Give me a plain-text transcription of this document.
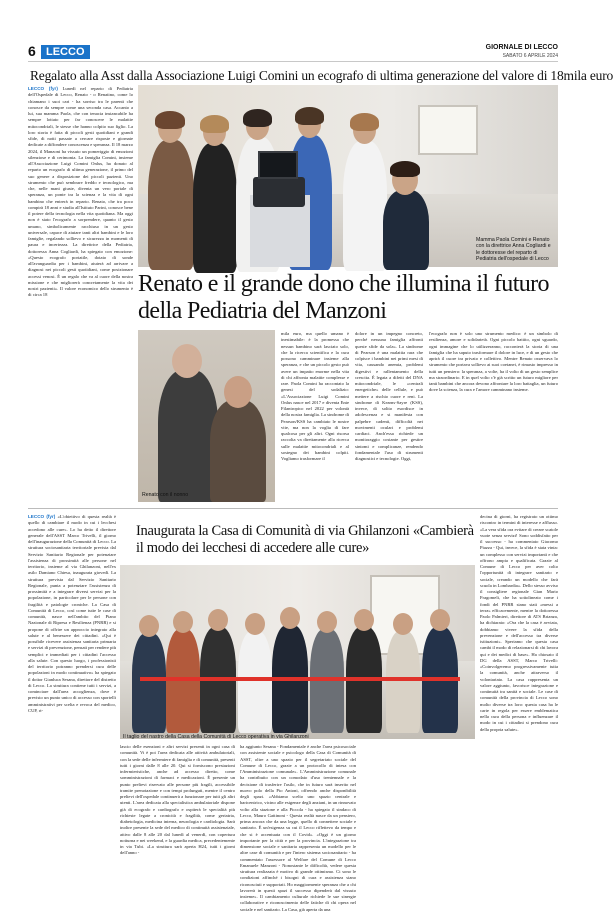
6 LECCO	GIORNALE DI LECCO
SABATO 6 APRILE 2024
Regalato alla Asst dalla Associazione Luigi Comini un ecografo di ultima generazione del valore di 18mila euro
LECCO (fyr) Lunedì nel reparto di Pediatria dell'Ospedale di Lecco, Renato - o Renatino, come lo chiamano i suoi cari - ha sorriso tra le parenti che conosce da sempre come una seconda casa. Accanto a lui, sua mamma Paola, che con tenacia instancabile ha sempre lottato per far conoscere le malattie mitocondriali, le stesse che hanno colpito suo figlio. La loro storia è fatta di piccoli gesti quotidiani e grandi sfide, di notti passate a cercare risposte e giornate dedicate a diffondere conoscenza e speranza. Il 18 marzo 2024, il Manzoni ha vissuto un pomeriggio di emozioni silenziose e di cerimonia. La famiglia Comini, insieme all'Associazione Luigi Comini Onlus, ha donato al reparto un ecografo di ultima generazione, il primo del suo genere a disposizione dei piccoli pazienti. Uno strumento che può sembrare freddo e tecnologico, ma che, nelle mani giuste, diventa un vero portale di speranza, un ponte tra la scienza e la vita di ogni bambino che entrerà in reparto. Renato, che tra poco compirà 18 anni e studia all'Istituto Parini, conosce bene il potere della tecnologia nella vita quotidiana. Ma oggi non è stato l'ecografo a sorprendere, quanto il gesto umano, simbolicamente racchiuso in un gesto universale, capace di aiutare tanti altri bambini e le loro famiglie, regalando sollievo e sicurezza in momenti di paura e incertezza. La direttrice della Pediatria, dottoressa Anna Cogliardi, ha spiegato con emozione: «Questo ecografo portatile, dotato di sonde all'avanguardia per i bambini, aiuterà ad arrivare a diagnosi nei piccoli gesti quotidiani, come posizionare accessi venosi. È un regalo che va al cuore della nostra missione e che migliorerà concretamente la vita dei nostri pazienti». Il valore economico dello strumento è di circa 18
Mamma Paola Comini e Renato con la direttrice Anna Cogliardi e le dottoresse del reparto di Pediatria dell'ospedale di Lecco
Renato e il grande dono che illumina il futuro della Pediatria del Manzoni
Renato con il nonno
mila euro, ma quello umano è inestimabile: è la promessa che nessun bambino sarà lasciato solo, che la ricerca scientifica e la cura possono camminare insieme alla speranza, e che un piccolo gesto può avere un impatto enorme nella vita di chi affronta malattie complesse e rare. Paola Comini ha raccontato la genesi del sodalizio: «L'Associazione Luigi Comini Onlus nasce nel 2017 e diventa Ente Filantropico nel 2022 per volontà della nostra famiglia. La sindrome di Pearson/KSS ha cambiato le nostre vite, ma non la voglia di fare qualcosa per gli altri. Ogni risorsa raccolta va direttamente alla ricerca sulle malattie mitocondriali e al sostegno dei bambini colpiti. Vogliamo trasformare il
dolore in un impegno concreto, perché nessuna famiglia affronti queste sfide da sola». La sindrome di Pearson è una malattia rara che colpisce i bambini nei primi mesi di vita, causando anemia, problemi digestivi e rallentamento della crescita. È legata a difetti del DNA mitocondriale, le «centrali energetiche» delle cellule, e può mettere a rischio cuore e reni. La sindrome di Kearns-Sayre (KSS), invece, di solito esordisce in adolescenza e si manifesta con palpebre cadenti, difficoltà nei movimenti oculari e problemi cardiaci. Anch'essa richiede un monitoraggio costante per gestire sintomi e complicanze, rendendo fondamentale l'uso di strumenti diagnostici e tecnologie. Oggi,
l'ecografo non è solo uno strumento medico: è un simbolo di resilienza, amore e solidarietà. Ogni piccolo battito, ogni sguardo, ogni immagine che lo utilizzeranno, racconterà la storia di una famiglia che ha saputo trasformare il dolore in luce, e di un gesto che aprirà il cuore tra privato e collettivo. Mentre Renato osservava lo strumento che portava sollievo ai suoi coetanei, è rimasto impresso in tutti un pensiero: la speranza, a volte, ha il volto di un gesto semplice ma straordinario. E in quel volto c'è già scritto un futuro migliore per tanti bambini che ancora devono affrontare la loro battaglia, un futuro dove la scienza, la cura e l'amore camminano insieme.
LECCO (fyr) «L'obiettivo di questa realtà è quello di cambiare il modo in cui i lecchesi accedono alle cure». Lo ha detto il direttore generale dell'ASST Marco Trivelli, il giorno dell'inaugurazione della Comunità di Lecco. La struttura sociosanitaria territoriale prevista dal Servizio Sanitario Regionale per potenziare l'assistenza di prossimità alle persone nel territorio, insieme al via Ghilanzoni, nell'ex asilo Damiano Chiesa, inaugurata giovedì. La struttura prevista dal Servizio Sanitario Regionale, punta a potenziare l'assistenza di prossimità e a integrare diversi servizi per la popolazione, in particolare per le persone con fragilità e patologie croniche. La Casa di Comunità di Lecco, così come tutte le case di comunità, nasce nell'ambito del Piano Nazionale di Ripresa e Resilienza (PNRR) e si propone di offrire un approccio integrato alla salute e al benessere dei cittadini. «Qui è possibile ricevere assistenza sanitaria primaria e servizi di prevenzione, pensati per rendere più semplici e immediati per i cittadini l'accesso alla salute. Con questo luogo, i professionisti del territorio potranno prendersi cura delle popolazioni in modo continuativo» ha spiegato il dottor Gianluca Sesana, direttore del distretto di Lecco. La struttura contiene tutti i servizi, a cominciare dall'area accoglienza, dove è previsto un punto unico di accesso con sportelli amministrativi per scelta e revoca del medico, CUP, ri-
Inaugurata la Casa di Comunità di via Ghilanzoni «Cambierà il modo dei lecchesi di accedere alle cure»
Il taglio del nastro della Casa della Comunità di Lecco operativa in via Ghilanzoni
lascio delle esenzioni e altri servizi presenti in ogni casa di comunità. Vi è poi l'area dedicata alle attività ambulatoriali, con la sede delle infermiere di famiglia e di comunità, presenti tutti i giorni dalle 8 alle 20. Qui si forniscono prestazioni infermieristiche, anche ad accesso diretto, come somministrazioni di farmaci e medicazioni. È presente un punto prelievi riservato alle persone più fragili, accessibile tramite prenotazione e con tempi prolungati, mentre il centro prelievi dell'ospedale continuerà a funzionare per tutti gli altri utenti. L'area dedicata alla specialistica ambulatoriale dispone già di ecografo e cardiografo e ospiterà le specialità più richieste legate a cronicità e fragilità, come geriatria, diabetologia, medicina interna, neurologia e cardiologia. Sarà inoltre presente la sede del medico di continuità assistenziale, attivo dalle 8 alle 20 dal lunedì al venerdì, con copertura notturna e nei weekend, e la guardia medica, precedentemente in via Tubi. «La struttura sarà aperta H24, tutti i giorni dell'anno -
ha aggiunto Sesana - Fondamentale è anche l'area psicosociale con assistente sociale e psicologo della Casa di Comunità di ASST, oltre a uno spazio per il segretariato sociale del Comune di Lecco, grazie a un protocollo di intesa con l'Amministrazione comunale». L'Amministrazione comunale ha contribuito con un comodato d'uso trentennale e la decisione di trasferire l'asilo, che in futuro sarà inserito nel nuovo polo della Pio Antoni, offrendo anche disponibilità degli spazi. «Abbiamo scelto uno spazio centrale e baricentrico, vicino alle esigenze degli anziani, in un rinnovato volto alla stazione e alla Piccola - ha spiegato il sindaco di Lecco, Mauro Gattinoni - Questa realtà nasce da un pensiero, prima ancora che da una legge, quello di connettere sociale e sanitario. È un'esigenza su cui il Lecco riflettevo da tempo e che si è accentuata con il Covid». «Oggi è un giorno importante per la città e per la provincia. L'integrazione tra dimensione sociale e sanitaria rappresenta un modello per le altre case di comunità e per l'intero sistema sociosanitario - ha commentato l'assessore al Welfare del Comune di Lecco Emanuele Manzoni - Nonostante le difficoltà, vedere questa struttura realizzata è motivo di grande ottimismo. Ci sono le condizioni affinché i bisogni di cura e assistenza siano riconosciuti e supportati. Ho maggiormente speranza che a chi lavorerà in questi spazi il successo dipenderà dal vissuto insieme». Il cambiamento culturale richiede le sue sinergie collaborative e riconoscimento delle fatiche di chi opera nel sociale e nel sanitario. La Casa, già aperta da una
decina di giorni, ha registrato un ottimo riscontro in termini di interesse e afflusso. «La vera sfida ora evitare di creare scatole vuote senza servizi! Sono soddisfatto per il successo - ha commentato Giacomo Piazza - Qui, invece, la sfida è stata vinta: un complesso con servizi importanti e che offrono ampia e qualificata. Grazie al Comune di Lecco per aver colto l'opportunità di integrare sanitario e sociale, creando un modello che farà scuola in Lombardia». Dello stesso avviso il consigliere regionale Gian Mario Fragomeli, che ha sottolineato come i fondi del PNRR siano stati «messi a terra» efficacemente, mentre la dottoressa Paolo Palmieri, direttore di ATS Brianza, ha dichiarato: «Ora che la casa è avviata, dobbiamo vivere la sfida della prevenzione e dell'accesso tra diverse istituzioni». Speriamo che questa casa cambi il modo di relazionarsi di chi lavora qui e dei medici di base». Ha chiosato il DG della ASST, Marco Trivelli: «Coinvolgeremo progressivamente tutta la comunità, anche attraverso il volontariato. La casa rappresenta un valore aggiunto, favorisce integrazione e continuità tra sanità e sociale. Le case di comunità della provincia di Lecco sono molto diverse tra loro: questa casa ha le carte in regola per essere emblematica nella cura della persona e influenzare il modo in cui i cittadini si prendono cura della propria salute».
